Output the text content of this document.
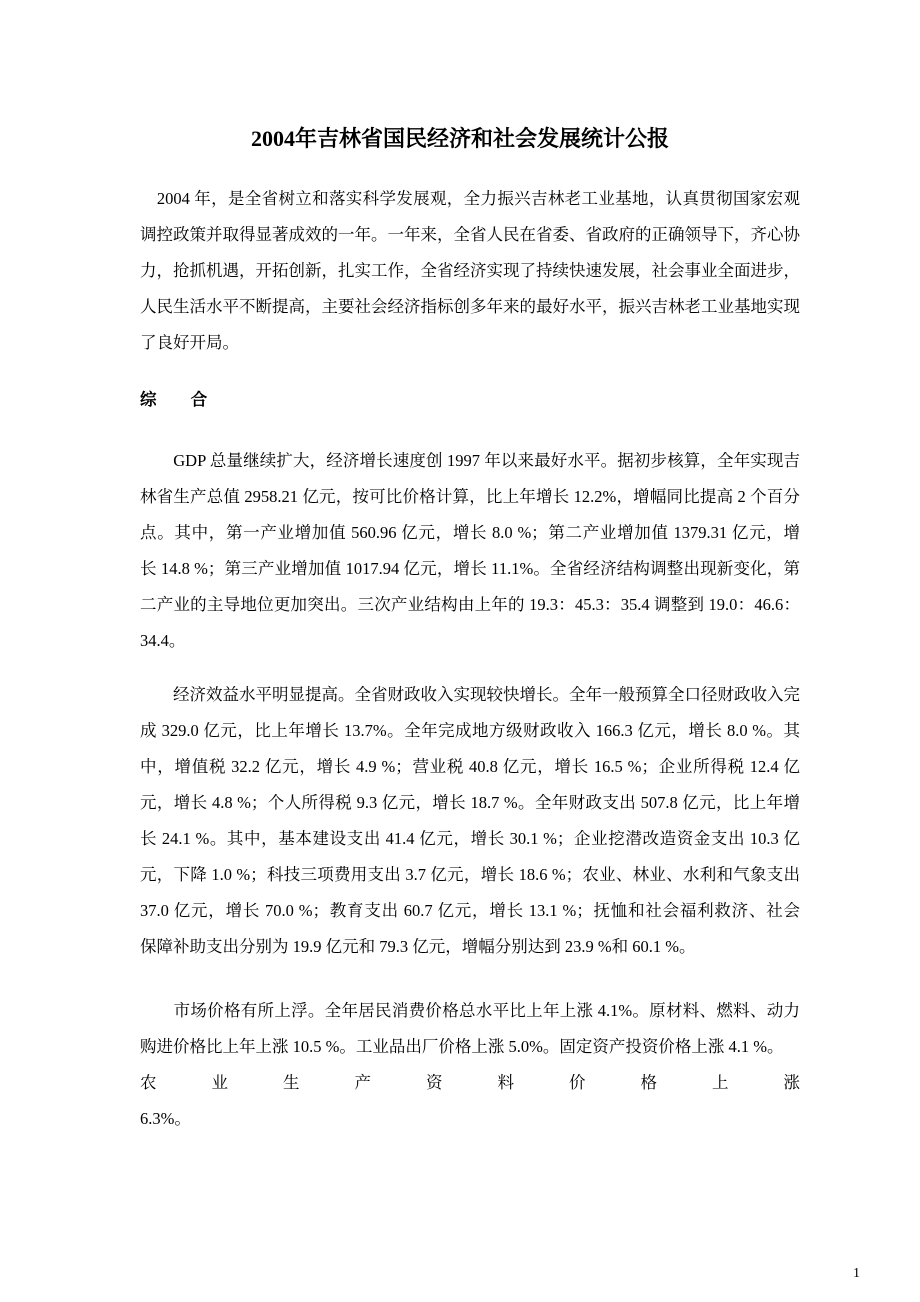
2004年吉林省国民经济和社会发展统计公报
　2004 年，是全省树立和落实科学发展观，全力振兴吉林老工业基地，认真贯彻国家宏观
调控政策并取得显著成效的一年。一年来，全省人民在省委、省政府的正确领导下，齐心协
力，抢抓机遇，开拓创新，扎实工作，全省经济实现了持续快速发展，社会事业全面进步，
人民生活水平不断提高，主要社会经济指标创多年来的最好水平，振兴吉林老工业基地实现
了良好开局。
综 合
　　GDP 总量继续扩大，经济增长速度创 1997 年以来最好水平。据初步核算，全年实现吉
林省生产总值 2958.21 亿元，按可比价格计算，比上年增长 12.2%，增幅同比提高 2 个百分
点。其中，第一产业增加值 560.96 亿元，增长 8.0 %；第二产业增加值 1379.31 亿元，增
长 14.8 %；第三产业增加值 1017.94 亿元，增长 11.1%。全省经济结构调整出现新变化，第
二产业的主导地位更加突出。三次产业结构由上年的 19.3：45.3：35.4 调整到 19.0：46.6：
34.4。
　　经济效益水平明显提高。全省财政收入实现较快增长。全年一般预算全口径财政收入完
成 329.0 亿元，比上年增长 13.7%。全年完成地方级财政收入 166.3 亿元，增长 8.0 %。其
中，增值税 32.2 亿元，增长 4.9 %；营业税 40.8 亿元，增长 16.5 %；企业所得税 12.4 亿
元，增长 4.8 %；个人所得税 9.3 亿元，增长 18.7 %。全年财政支出 507.8 亿元，比上年增
长 24.1 %。其中，基本建设支出 41.4 亿元，增长 30.1 %；企业挖潜改造资金支出 10.3 亿
元，下降 1.0 %；科技三项费用支出 3.7 亿元，增长 18.6 %；农业、林业、水利和气象支出
37.0 亿元，增长 70.0 %；教育支出 60.7 亿元，增长 13.1 %；抚恤和社会福利救济、社会
保障补助支出分别为 19.9 亿元和 79.3 亿元，增幅分别达到 23.9 %和 60.1 %。
　　市场价格有所上浮。全年居民消费价格总水平比上年上涨 4.1%。原材料、燃料、动力
购进价格比上年上涨 10.5 %。工业品出厂价格上涨 5.0%。固定资产投资价格上涨 4.1 %。
农 业 生 产 资 料 价 格 上 涨
6.3%。
1
